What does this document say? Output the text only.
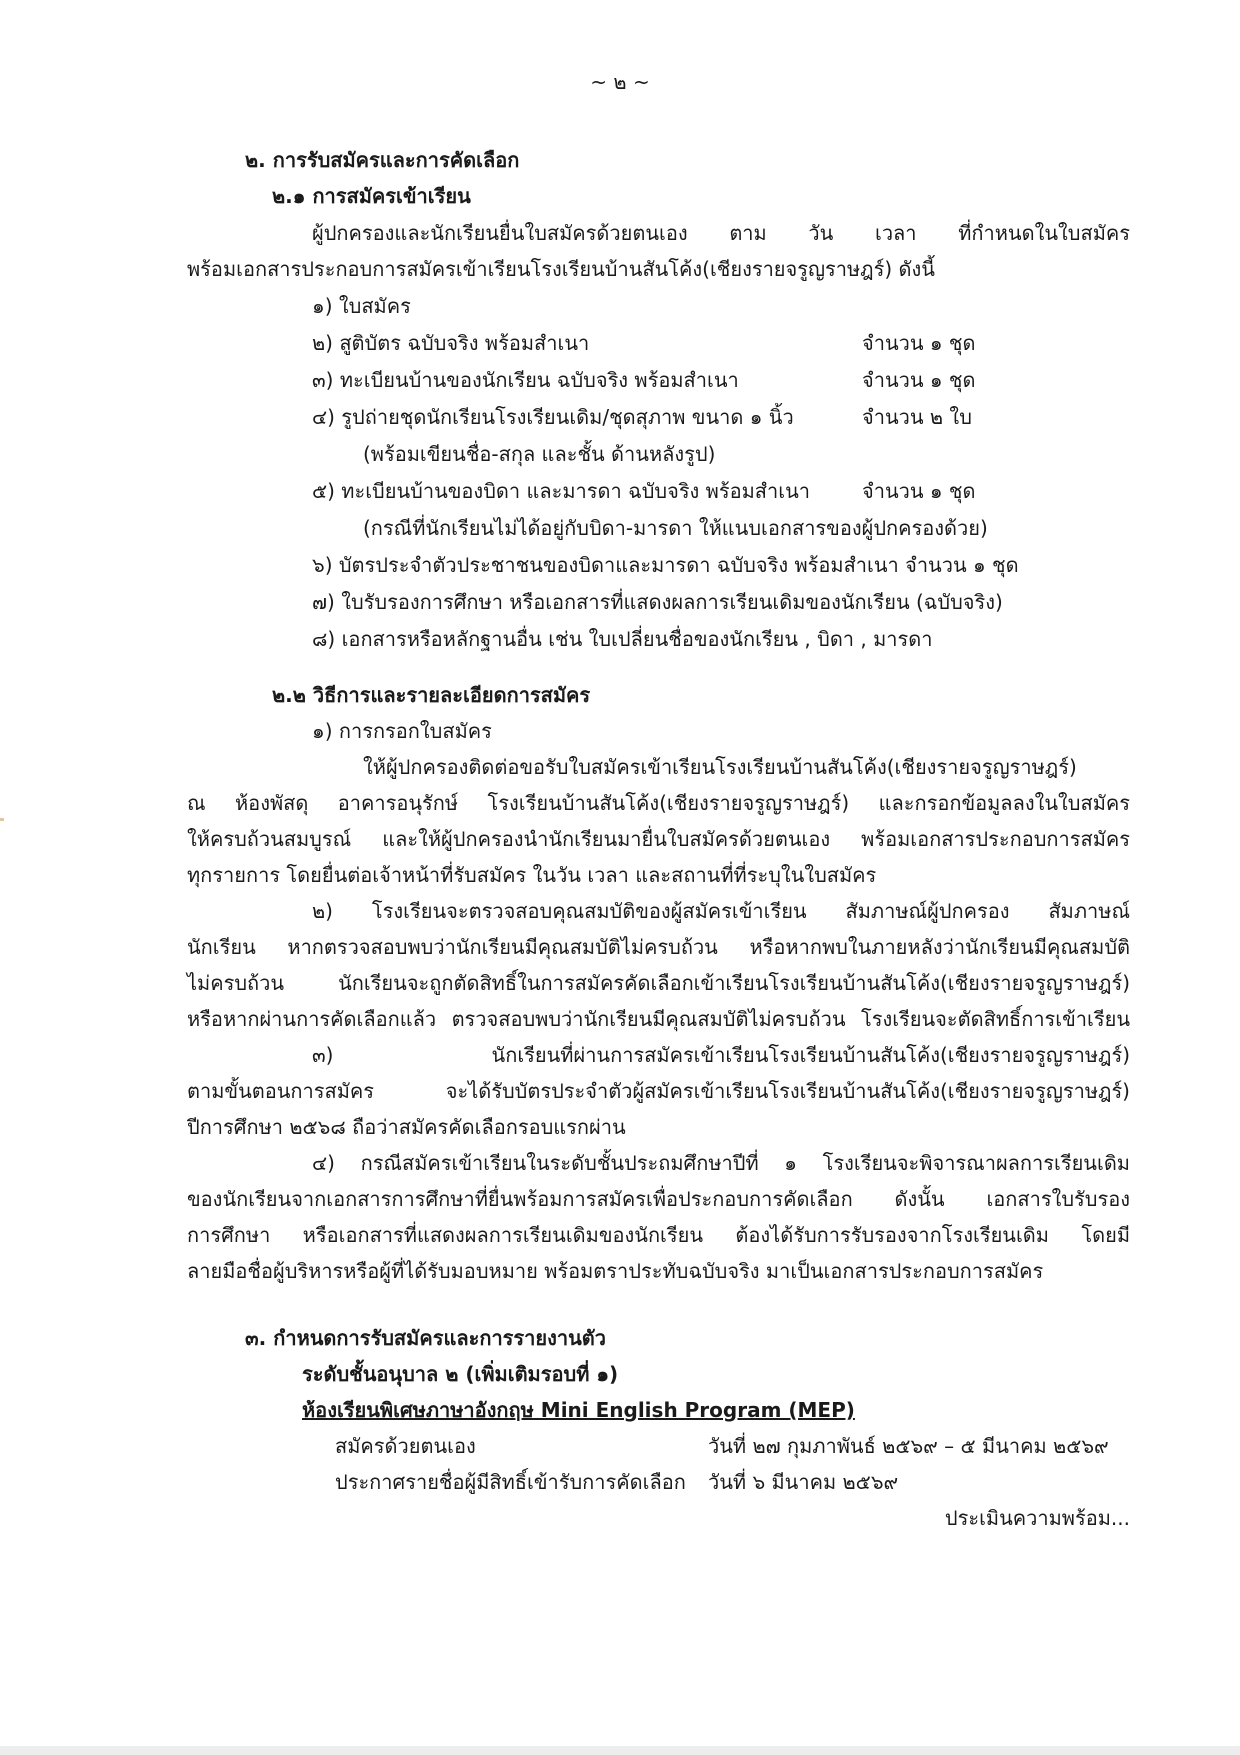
~ ๒ ~
๒. การรับสมัครและการคัดเลือก
๒.๑ การสมัครเข้าเรียน
ผู้ปกครองและนักเรียนยื่นใบสมัครด้วยตนเอง ตาม วัน เวลา ที่กำหนดในใบสมัคร
พร้อมเอกสารประกอบการสมัครเข้าเรียนโรงเรียนบ้านสันโค้ง(เชียงรายจรูญราษฎร์) ดังนี้
๑) ใบสมัคร
๒) สูติบัตร ฉบับจริง พร้อมสำเนา	จำนวน ๑ ชุด
๓) ทะเบียนบ้านของนักเรียน ฉบับจริง พร้อมสำเนา	จำนวน ๑ ชุด
๔) รูปถ่ายชุดนักเรียนโรงเรียนเดิม/ชุดสุภาพ ขนาด ๑ นิ้ว	จำนวน ๒ ใบ
(พร้อมเขียนชื่อ-สกุล และชั้น ด้านหลังรูป)
๕) ทะเบียนบ้านของบิดา และมารดา ฉบับจริง พร้อมสำเนา	จำนวน ๑ ชุด
(กรณีที่นักเรียนไม่ได้อยู่กับบิดา-มารดา ให้แนบเอกสารของผู้ปกครองด้วย)
๖) บัตรประจำตัวประชาชนของบิดาและมารดา ฉบับจริง พร้อมสำเนา จำนวน ๑ ชุด
๗) ใบรับรองการศึกษา หรือเอกสารที่แสดงผลการเรียนเดิมของนักเรียน (ฉบับจริง)
๘) เอกสารหรือหลักฐานอื่น เช่น ใบเปลี่ยนชื่อของนักเรียน , บิดา , มารดา
๒.๒ วิธีการและรายละเอียดการสมัคร
๑) การกรอกใบสมัคร
ให้ผู้ปกครองติดต่อขอรับใบสมัครเข้าเรียนโรงเรียนบ้านสันโค้ง(เชียงรายจรูญราษฎร์)
ณ ห้องพัสดุ อาคารอนุรักษ์ โรงเรียนบ้านสันโค้ง(เชียงรายจรูญราษฎร์) และกรอกข้อมูลลงในใบสมัคร
ให้ครบถ้วนสมบูรณ์ และให้ผู้ปกครองนำนักเรียนมายื่นใบสมัครด้วยตนเอง พร้อมเอกสารประกอบการสมัคร
ทุกรายการ โดยยื่นต่อเจ้าหน้าที่รับสมัคร ในวัน เวลา และสถานที่ที่ระบุในใบสมัคร
๒) โรงเรียนจะตรวจสอบคุณสมบัติของผู้สมัครเข้าเรียน สัมภาษณ์ผู้ปกครอง สัมภาษณ์
นักเรียน หากตรวจสอบพบว่านักเรียนมีคุณสมบัติไม่ครบถ้วน หรือหากพบในภายหลังว่านักเรียนมีคุณสมบัติ
ไม่ครบถ้วน นักเรียนจะถูกตัดสิทธิ์ในการสมัครคัดเลือกเข้าเรียนโรงเรียนบ้านสันโค้ง(เชียงรายจรูญราษฎร์)
หรือหากผ่านการคัดเลือกแล้ว ตรวจสอบพบว่านักเรียนมีคุณสมบัติไม่ครบถ้วน โรงเรียนจะตัดสิทธิ์การเข้าเรียน
๓) นักเรียนที่ผ่านการสมัครเข้าเรียนโรงเรียนบ้านสันโค้ง(เชียงรายจรูญราษฎร์)
ตามขั้นตอนการสมัคร จะได้รับบัตรประจำตัวผู้สมัครเข้าเรียนโรงเรียนบ้านสันโค้ง(เชียงรายจรูญราษฎร์)
ปีการศึกษา ๒๕๖๘ ถือว่าสมัครคัดเลือกรอบแรกผ่าน
๔) กรณีสมัครเข้าเรียนในระดับชั้นประถมศึกษาปีที่ ๑ โรงเรียนจะพิจารณาผลการเรียนเดิม
ของนักเรียนจากเอกสารการศึกษาที่ยื่นพร้อมการสมัครเพื่อประกอบการคัดเลือก ดังนั้น เอกสารใบรับรอง
การศึกษา หรือเอกสารที่แสดงผลการเรียนเดิมของนักเรียน ต้องได้รับการรับรองจากโรงเรียนเดิม โดยมี
ลายมือชื่อผู้บริหารหรือผู้ที่ได้รับมอบหมาย พร้อมตราประทับฉบับจริง มาเป็นเอกสารประกอบการสมัคร
๓. กำหนดการรับสมัครและการรายงานตัว
ระดับชั้นอนุบาล ๒ (เพิ่มเติมรอบที่ ๑)
ห้องเรียนพิเศษภาษาอังกฤษ Mini English Program (MEP)
สมัครด้วยตนเอง	วันที่ ๒๗ กุมภาพันธ์ ๒๕๖๙ – ๕ มีนาคม ๒๕๖๙
ประกาศรายชื่อผู้มีสิทธิ์เข้ารับการคัดเลือก วันที่ ๖ มีนาคม ๒๕๖๙
ประเมินความพร้อม...
